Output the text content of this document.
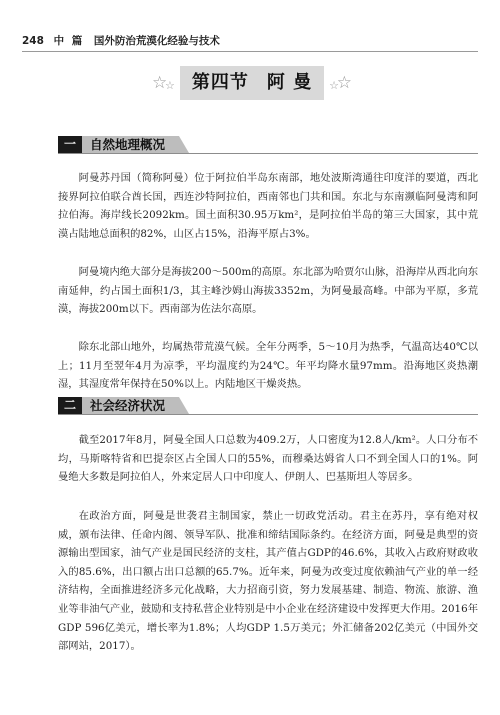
248 中 篇 国外防治荒漠化经验与技术
☆
☆ 第四节 阿 曼	☆
☆
一	自然地理概况

阿曼苏丹国（简称阿曼）位于阿拉伯半岛东南部，地处波斯湾通往印度洋的要道，西北接界阿拉伯联合酋长国，西连沙特阿拉伯，西南邻也门共和国。东北与东南濒临阿曼湾和阿拉伯海。海岸线长2092km。国土面积30.95万km²，是阿拉伯半岛的第三大国家，其中荒漠占陆地总面积的82%，山区占15%，沿海平原占3%。

阿曼境内绝大部分是海拔200～500m的高原。东北部为哈贾尔山脉，沿海岸从西北向东南延伸，约占国土面积1/3，其主峰沙姆山海拔3352m，为阿曼最高峰。中部为平原，多荒漠，海拔200m以下。西南部为佐法尔高原。

除东北部山地外，均属热带荒漠气候。全年分两季，5～10月为热季，气温高达40℃以上；11月至翌年4月为凉季，平均温度约为24℃。年平均降水量97mm。沿海地区炎热潮湿，其湿度常年保持在50%以上。内陆地区干燥炎热。

二	社会经济状况

截至2017年8月，阿曼全国人口总数为409.2万，人口密度为12.8人/km²。人口分布不均，马斯喀特省和巴提奈区占全国人口的55%，而穆桑达姆省人口不到全国人口的1%。阿曼绝大多数是阿拉伯人，外来定居人口中印度人、伊朗人、巴基斯坦人等居多。

在政治方面，阿曼是世袭君主制国家，禁止一切政党活动。君主在苏丹，享有绝对权威，颁布法律、任命内阁、领导军队、批准和缔结国际条约。在经济方面，阿曼是典型的资源输出型国家，油气产业是国民经济的支柱，其产值占GDP的46.6%，其收入占政府财政收入的85.6%，出口额占出口总额的65.7%。近年来，阿曼为改变过度依赖油气产业的单一经济结构，全面推进经济多元化战略，大力招商引资，努力发展基建、制造、物流、旅游、渔业等非油气产业，鼓励和支持私营企业特别是中小企业在经济建设中发挥更大作用。2016年GDP 596亿美元，增长率为1.8%；人均GDP 1.5万美元；外汇储备202亿美元（中国外交部网站，2017）。
